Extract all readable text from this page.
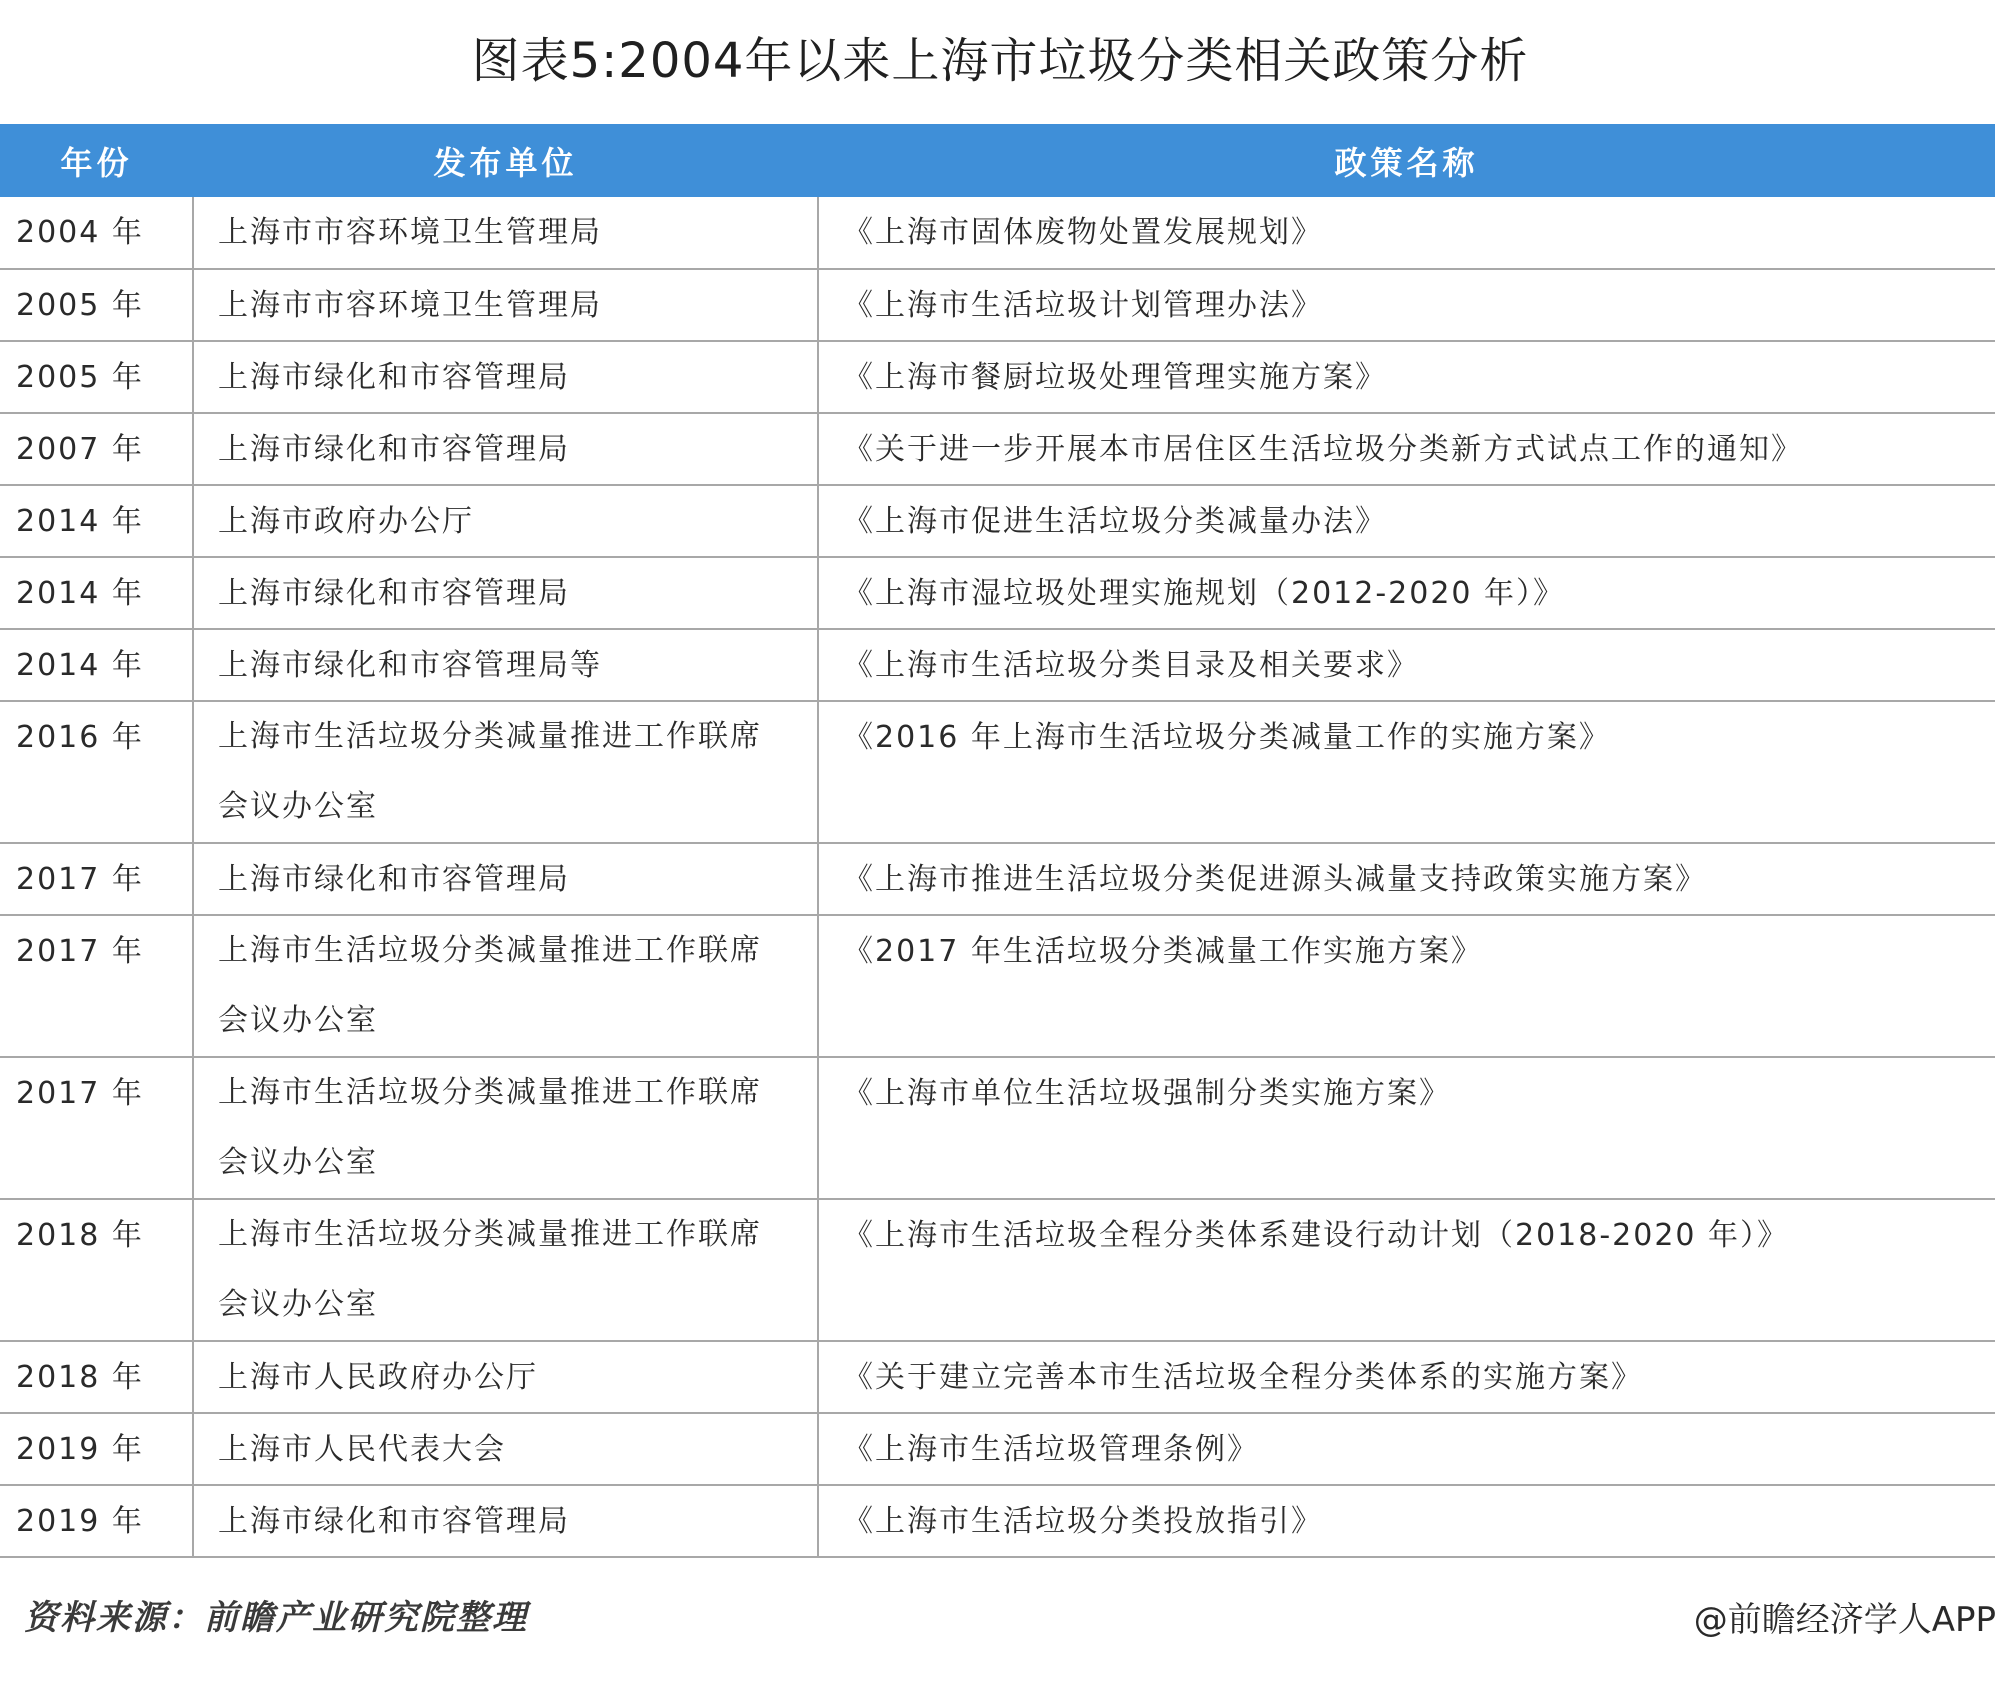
图表5:2004年以来上海市垃圾分类相关政策分析
年份	发布单位	政策名称
2004 年	上海市市容环境卫生管理局	《上海市固体废物处置发展规划》
2005 年	上海市市容环境卫生管理局	《上海市生活垃圾计划管理办法》
2005 年	上海市绿化和市容管理局	《上海市餐厨垃圾处理管理实施方案》
2007 年	上海市绿化和市容管理局	《关于进一步开展本市居住区生活垃圾分类新方式试点工作的通知》
2014 年	上海市政府办公厅	《上海市促进生活垃圾分类减量办法》
2014 年	上海市绿化和市容管理局	《上海市湿垃圾处理实施规划（2012-2020 年）》
2014 年	上海市绿化和市容管理局等	《上海市生活垃圾分类目录及相关要求》
2016 年	上海市生活垃圾分类减量推进工作联席会议办公室	《2016 年上海市生活垃圾分类减量工作的实施方案》
2017 年	上海市绿化和市容管理局	《上海市推进生活垃圾分类促进源头减量支持政策实施方案》
2017 年	上海市生活垃圾分类减量推进工作联席会议办公室	《2017 年生活垃圾分类减量工作实施方案》
2017 年	上海市生活垃圾分类减量推进工作联席会议办公室	《上海市单位生活垃圾强制分类实施方案》
2018 年	上海市生活垃圾分类减量推进工作联席会议办公室	《上海市生活垃圾全程分类体系建设行动计划（2018-2020 年）》
2018 年	上海市人民政府办公厅	《关于建立完善本市生活垃圾全程分类体系的实施方案》
2019 年	上海市人民代表大会	《上海市生活垃圾管理条例》
2019 年	上海市绿化和市容管理局	《上海市生活垃圾分类投放指引》
资料来源：前瞻产业研究院整理	@前瞻经济学人APP
